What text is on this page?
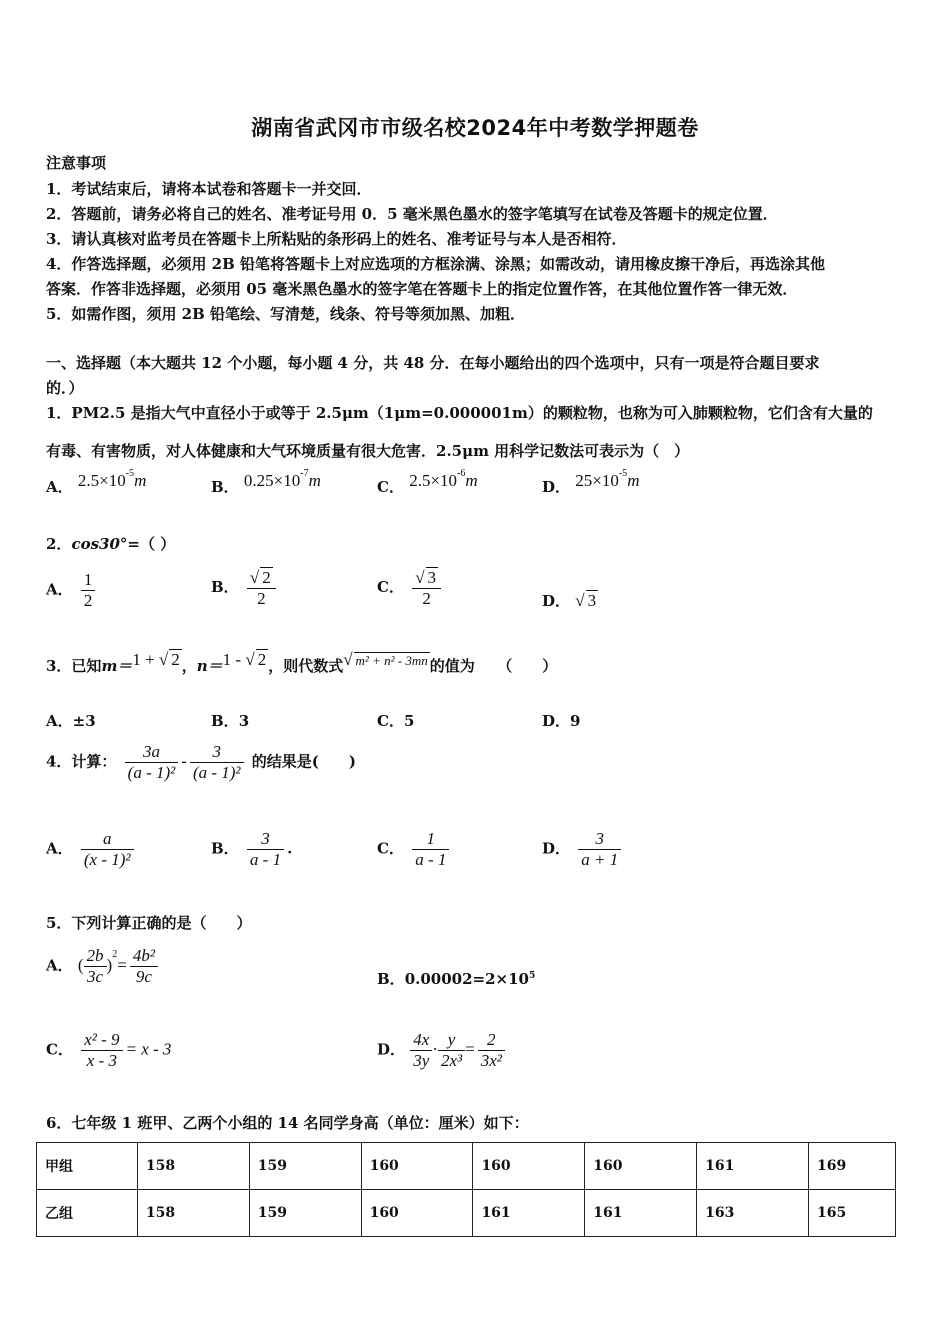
湖南省武冈市市级名校2024年中考数学押题卷
注意事项
1．考试结束后，请将本试卷和答题卡一并交回．
2．答题前，请务必将自己的姓名、准考证号用 0．5 毫米黑色墨水的签字笔填写在试卷及答题卡的规定位置．
3．请认真核对监考员在答题卡上所粘贴的条形码上的姓名、准考证号与本人是否相符．
4．作答选择题，必须用 2B 铅笔将答题卡上对应选项的方框涂满、涂黑；如需改动，请用橡皮擦干净后，再选涂其他
答案．作答非选择题，必须用 05 毫米黑色墨水的签字笔在答题卡上的指定位置作答，在其他位置作答一律无效．
5．如需作图，须用 2B 铅笔绘、写清楚，线条、符号等须加黑、加粗．
一、选择题（本大题共 12 个小题，每小题 4 分，共 48 分．在每小题给出的四个选项中，只有一项是符合题目要求
的．）
1．PM2.5 是指大气中直径小于或等于 2.5μm（1μm=0.000001m）的颗粒物，也称为可入肺颗粒物，它们含有大量的
有毒、有害物质，对人体健康和大气环境质量有很大危害．2.5μm 用科学记数法可表示为（　）
A． $2.5\times 10^{-5}m$	B． $0.25\times 10^{-7}m$	C． $2.5\times 10^{-6}m$	D． $25\times 10^{-5}m$
2．cos30°=（ ）
A． $\frac{1}{2}$	B． $\frac{√ 2}{2}$	C． $\frac{√ 3}{2}$	D． √ 3
3．已知m＝1 + √ 2 ，n＝1 - √ 2 ，则代数式√ m² + n² - 3mn 的值为　　（　　）
A．±3	B．3	C．5	D．9
4．计算： $\frac{3a}{\text{(a - 1)²}} - \frac{3}{\text{(a - 1)²}}$ 的结果是(　　)
A． $\frac{a}{\text{(x - 1)²}}$	B． $\frac{3}{a - 1}$ .	C． $\frac{1}{a - 1}$	D． $\frac{3}{a + 1}$
5．下列计算正确的是（　　）
A． ( $\frac{2b}{3c} )^2= \frac{\text{4b²}}{9c}$	B．$0.00002=2\times 10^5$
C． $\frac{\text{x² - 9}}{x - 3} = x - 3$	D． $\frac{4x}{3y} \cdot \frac{y}{\text{2x³}} = \frac{2}{\text{3x²}}$
6．七年级 1 班甲、乙两个小组的 14 名同学身高（单位：厘米）如下：
甲组	158	159	160	160	160	161	169
乙组	158	159	160	161	161	163	165
